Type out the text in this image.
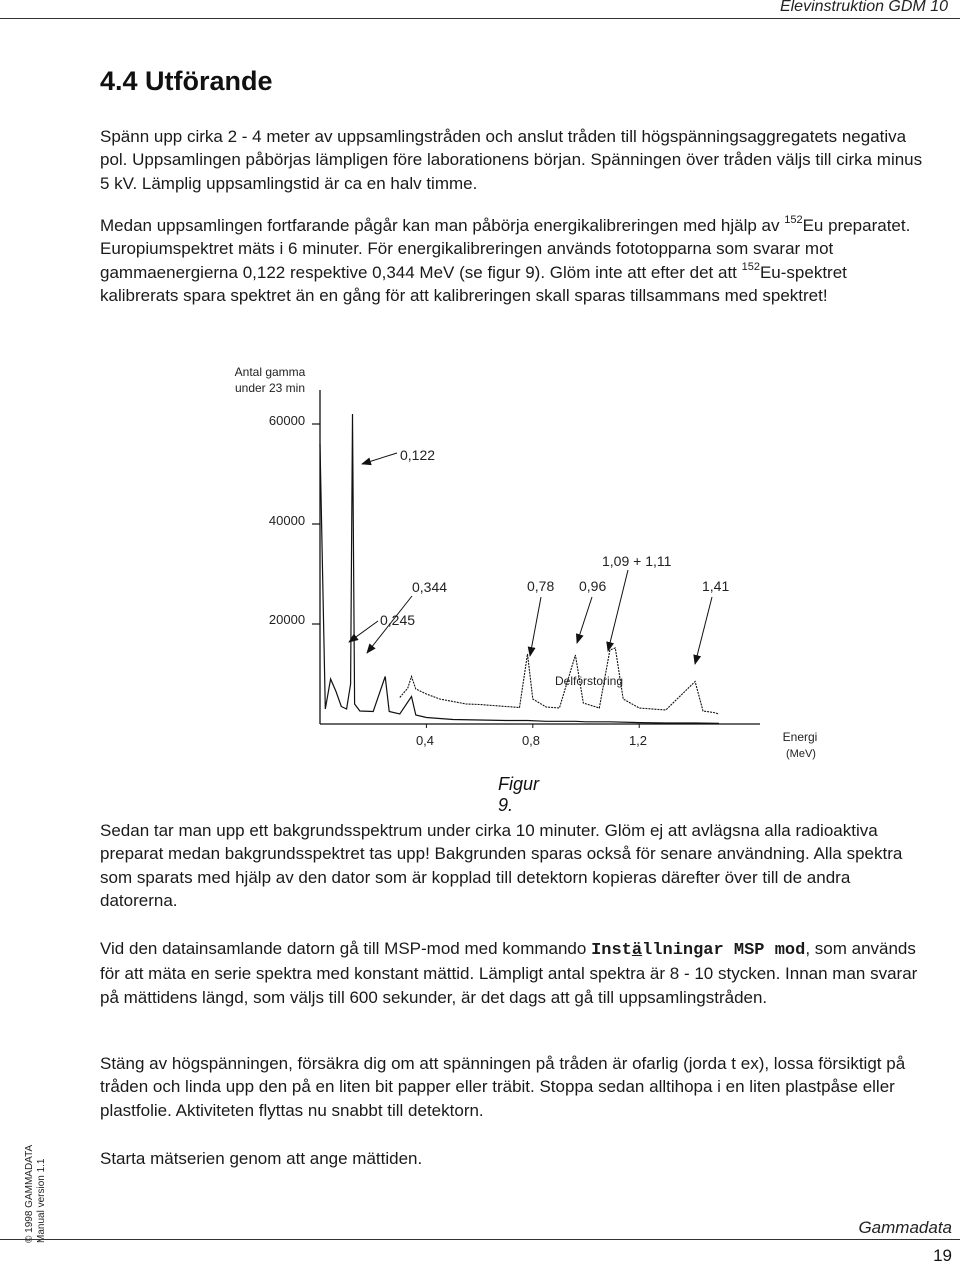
Elevinstruktion GDM 10
4.4 Utförande

Spänn upp cirka 2 - 4 meter av uppsamlingstråden och anslut tråden till högspänningsaggregatets negativa pol. Uppsamlingen påbörjas lämpligen före laborationens början. Spänningen över tråden väljs till cirka minus 5 kV. Lämplig uppsamlingstid är ca en halv timme.

Medan uppsamlingen fortfarande pågår kan man påbörja energikalibreringen med hjälp av $^{152}$Eu preparatet. Europiumspektret mäts i 6 minuter. För energikalibreringen används fototopparna som svarar mot gammaenergierna 0,122 respektive 0,344 MeV (se figur 9). Glöm inte att efter det att $^{152}$Eu-spektret kalibrerats spara spektret än en gång för att kalibreringen skall sparas tillsammans med spektret!

Antal gamma
under 23 min
60000
40000
20000
0,4	0,8	1,2	Energi
(MeV)
0,122
0,245
0,344	0,78 0,96
1,09 + 1,11
1,41
Delförstoring
Figur 9.

Sedan tar man upp ett bakgrundsspektrum under cirka 10 minuter. Glöm ej att avlägsna alla radioaktiva preparat medan bakgrundsspektret tas upp! Bakgrunden sparas också för senare användning. Alla spektra som sparats med hjälp av den dator som är kopplad till detektorn kopieras därefter över till de andra datorerna.

Vid den datainsamlande datorn gå till MSP-mod med kommando Inställningar MSP mod, som används för att mäta en serie spektra med konstant mättid. Lämpligt antal spektra är 8 - 10 stycken. Innan man svarar på mättidens längd, som väljs till 600 sekunder, är det dags att gå till uppsamlingstråden.

Stäng av högspänningen, försäkra dig om att spänningen på tråden är ofarlig (jorda t ex), lossa försiktigt på tråden och linda upp den på en liten bit papper eller träbit. Stoppa sedan alltihopa i en liten plastpåse eller plastfolie. Aktiviteten flyttas nu snabbt till detektorn.

Starta mätserien genom att ange mättiden.

© 1998 GAMMADATA Manual version 1.1	Gammadata
19
